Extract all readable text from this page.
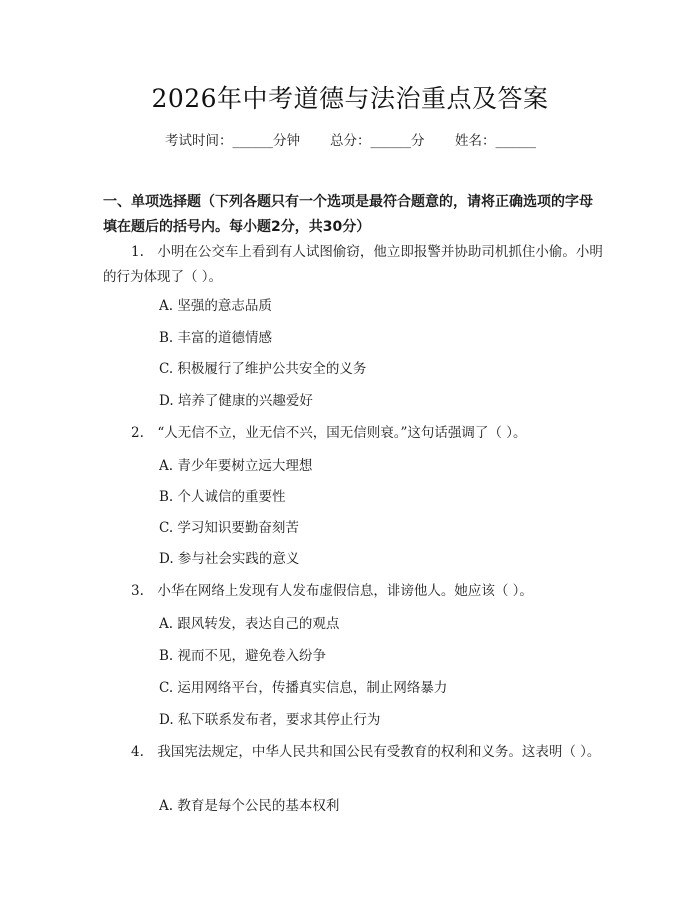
2026年中考道德与法治重点及答案
考试时间：______分钟 总分：______分 姓名：______
一、单项选择题（下列各题只有一个选项是最符合题意的，请将正确选项的字母填在题后的括号内。每小题2分，共30分）
1.　小明在公交车上看到有人试图偷窃，他立即报警并协助司机抓住小偷。小明的行为体现了（ ）。
A. 坚强的意志品质
B. 丰富的道德情感
C. 积极履行了维护公共安全的义务
D. 培养了健康的兴趣爱好
2.　“人无信不立，业无信不兴，国无信则衰。”这句话强调了（ ）。
A. 青少年要树立远大理想
B. 个人诚信的重要性
C. 学习知识要勤奋刻苦
D. 参与社会实践的意义
3.　小华在网络上发现有人发布虚假信息，诽谤他人。她应该（ ）。
A. 跟风转发，表达自己的观点
B. 视而不见，避免卷入纷争
C. 运用网络平台，传播真实信息，制止网络暴力
D. 私下联系发布者，要求其停止行为
4.　我国宪法规定，中华人民共和国公民有受教育的权利和义务。这表明（ ）。
A. 教育是每个公民的基本权利
